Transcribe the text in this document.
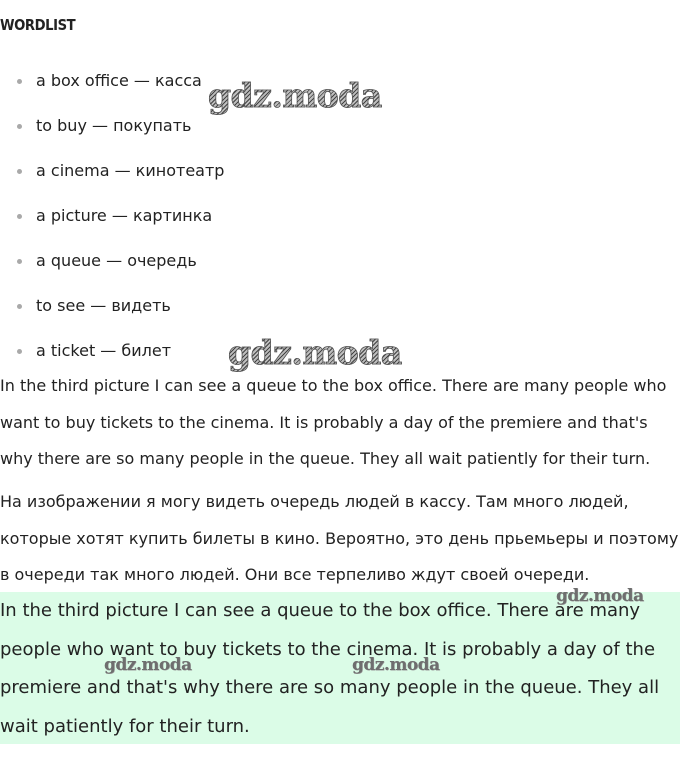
WORDLIST
a box office — касса
to buy — покупать
a cinema — кинотеатр
a picture — картинка
a queue — очередь
to see — видеть
a ticket — билет

In the third picture I can see a queue to the box office. There are many people who want to buy tickets to the cinema. It is probably a day of the premiere and that's why there are so many people in the queue. They all wait patiently for their turn.

На изображении я могу видеть очередь людей в кассу. Там много людей, которые хотят купить билеты в кино. Вероятно, это день прьемьеры и поэтому в очереди так много людей. Они все терпеливо ждут своей очереди.

In the third picture I can see a queue to the box office. There are many people who want to buy tickets to the cinema. It is probably a day of the premiere and that's why there are so many people in the queue. They all wait patiently for their turn.

gdz.moda
gdz.moda
gdz.moda
gdz.moda	gdz.moda
